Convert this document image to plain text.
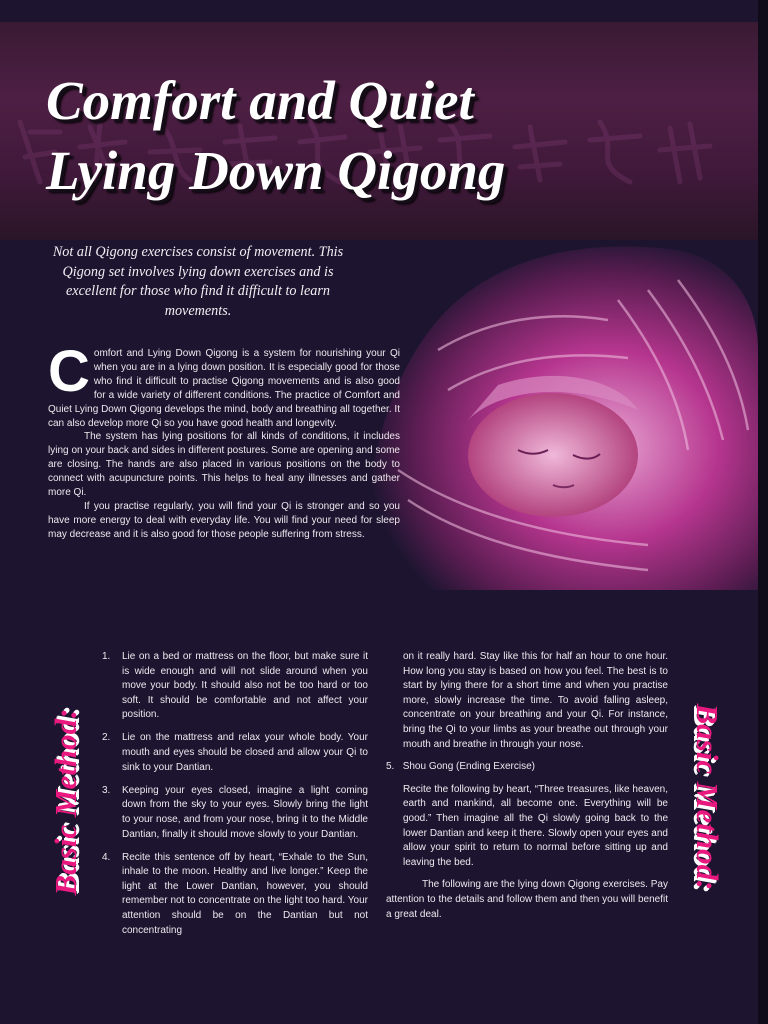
Comfort and Quiet
Lying Down Qigong

Not all Qigong exercises consist of movement. This Qigong set involves lying down exercises and is excellent for those who find it difficult to learn movements.

Comfort and Lying Down Qigong is a system for nourishing your Qi when you are in a lying down position. It is especially good for those who find it difficult to practise Qigong movements and is also good for a wide variety of different conditions. The practice of Comfort and Quiet Lying Down Qigong develops the mind, body and breathing all together. It can also develop more Qi so you have good health and longevity.

The system has lying positions for all kinds of conditions, it includes lying on your back and sides in different postures. Some are opening and some are closing. The hands are also placed in various positions on the body to connect with acupuncture points. This helps to heal any illnesses and gather more Qi.

If you practise regularly, you will find your Qi is stronger and so you have more energy to deal with everyday life. You will find your need for sleep may decrease and it is also good for those people suffering from stress.

Basic Method:	Basic Method:
1. Lie on a bed or mattress on the floor, but make sure it is wide enough and will not slide around when you move your body. It should also not be too hard or too soft. It should be comfortable and not affect your position.
2. Lie on the mattress and relax your whole body. Your mouth and eyes should be closed and allow your Qi to sink to your Dantian.
3. Keeping your eyes closed, imagine a light coming down from the sky to your eyes. Slowly bring the light to your nose, and from your nose, bring it to the Middle Dantian, finally it should move slowly to your Dantian.
4. Recite this sentence off by heart, “Exhale to the Sun, inhale to the moon. Healthy and live longer.” Keep the light at the Lower Dantian, however, you should remember not to concentrate on the light too hard. Your attention should be on the Dantian but not concentrating

on it really hard. Stay like this for half an hour to one hour. How long you stay is based on how you feel. The best is to start by lying there for a short time and when you practise more, slowly increase the time. To avoid falling asleep, concentrate on your breathing and your Qi. For instance, bring the Qi to your limbs as your breathe out through your mouth and breathe in through your nose.

5. Shou Gong (Ending Exercise)

Recite the following by heart, “Three treasures, like heaven, earth and mankind, all become one. Everything will be good.” Then imagine all the Qi slowly going back to the lower Dantian and keep it there. Slowly open your eyes and allow your spirit to return to normal before sitting up and leaving the bed.

The following are the lying down Qigong exercises. Pay attention to the details and follow them and then you will benefit a great deal.
